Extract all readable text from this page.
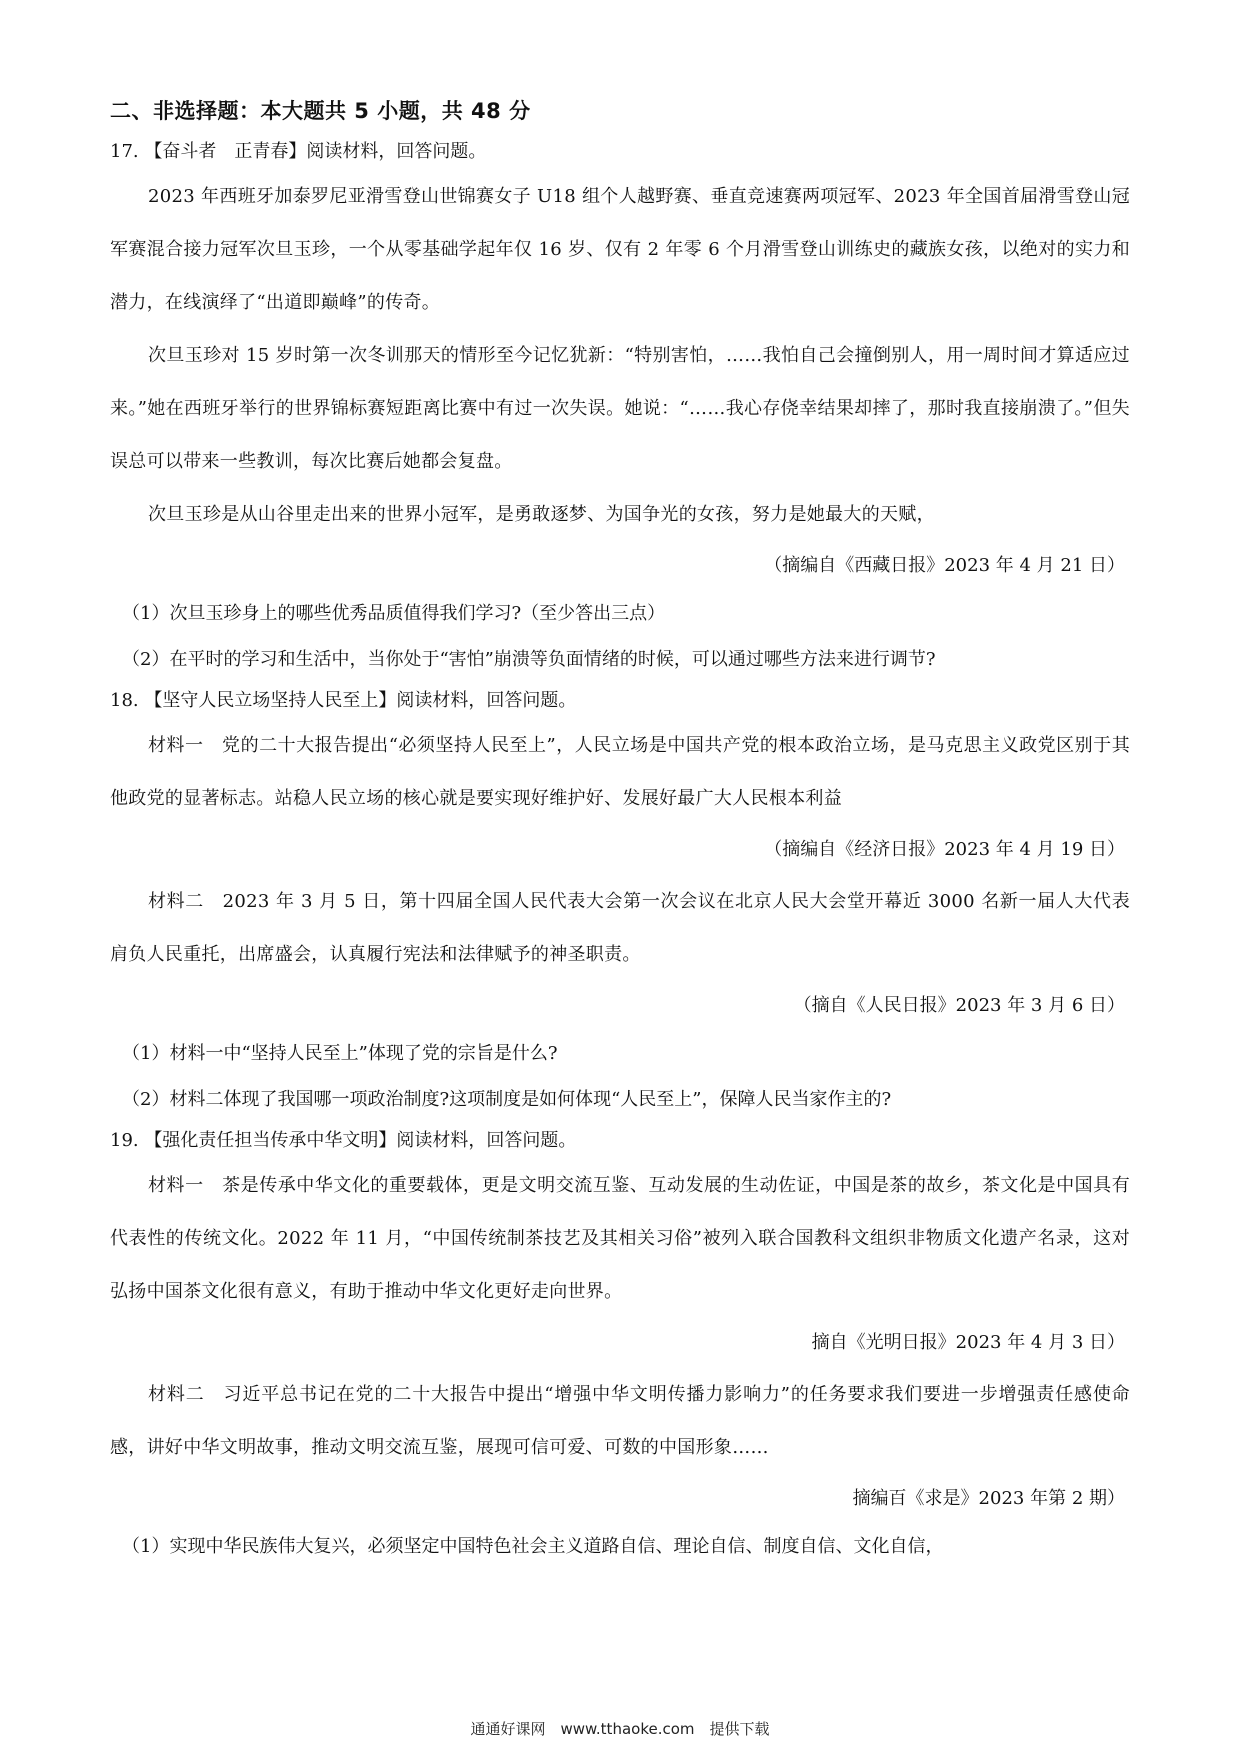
二、非选择题：本大题共 5 小题，共 48 分

17. 【奋斗者　正青春】阅读材料，回答问题。

2023 年西班牙加泰罗尼亚滑雪登山世锦赛女子 U18 组个人越野赛、垂直竞速赛两项冠军、2023 年全国首届滑雪登山冠军赛混合接力冠军次旦玉珍，一个从零基础学起年仅 16 岁、仅有 2 年零 6 个月滑雪登山训练史的藏族女孩，以绝对的实力和潜力，在线演绎了“出道即巅峰”的传奇。

次旦玉珍对 15 岁时第一次冬训那天的情形至今记忆犹新：“特别害怕，……我怕自己会撞倒别人，用一周时间才算适应过来。”她在西班牙举行的世界锦标赛短距离比赛中有过一次失误。她说：“……我心存侥幸结果却摔了，那时我直接崩溃了。”但失误总可以带来一些教训，每次比赛后她都会复盘。

次旦玉珍是从山谷里走出来的世界小冠军，是勇敢逐梦、为国争光的女孩，努力是她最大的天赋，

（摘编自《西藏日报》2023 年 4 月 21 日）

（1）次旦玉珍身上的哪些优秀品质值得我们学习?（至少答出三点）

（2）在平时的学习和生活中，当你处于“害怕”崩溃等负面情绪的时候，可以通过哪些方法来进行调节?

18. 【坚守人民立场坚持人民至上】阅读材料，回答问题。

材料一　党的二十大报告提出“必须坚持人民至上”，人民立场是中国共产党的根本政治立场，是马克思主义政党区别于其他政党的显著标志。站稳人民立场的核心就是要实现好维护好、发展好最广大人民根本利益

（摘编自《经济日报》2023 年 4 月 19 日）

材料二　2023 年 3 月 5 日，第十四届全国人民代表大会第一次会议在北京人民大会堂开幕近 3000 名新一届人大代表肩负人民重托，出席盛会，认真履行宪法和法律赋予的神圣职责。

（摘自《人民日报》2023 年 3 月 6 日）

（1）材料一中“坚持人民至上”体现了党的宗旨是什么?

（2）材料二体现了我国哪一项政治制度?这项制度是如何体现“人民至上”，保障人民当家作主的?

19. 【强化责任担当传承中华文明】阅读材料，回答问题。

材料一　茶是传承中华文化的重要载体，更是文明交流互鉴、互动发展的生动佐证，中国是茶的故乡，茶文化是中国具有代表性的传统文化。2022 年 11 月，“中国传统制茶技艺及其相关习俗”被列入联合国教科文组织非物质文化遗产名录，这对弘扬中国茶文化很有意义，有助于推动中华文化更好走向世界。

摘自《光明日报》2023 年 4 月 3 日）

材料二　习近平总书记在党的二十大报告中提出“增强中华文明传播力影响力”的任务要求我们要进一步增强责任感使命感，讲好中华文明故事，推动文明交流互鉴，展现可信可爱、可数的中国形象……

摘编百《求是》2023 年第 2 期）

（1）实现中华民族伟大复兴，必须坚定中国特色社会主义道路自信、理论自信、制度自信、文化自信，

通通好课网　www.tthaoke.com　提供下载
